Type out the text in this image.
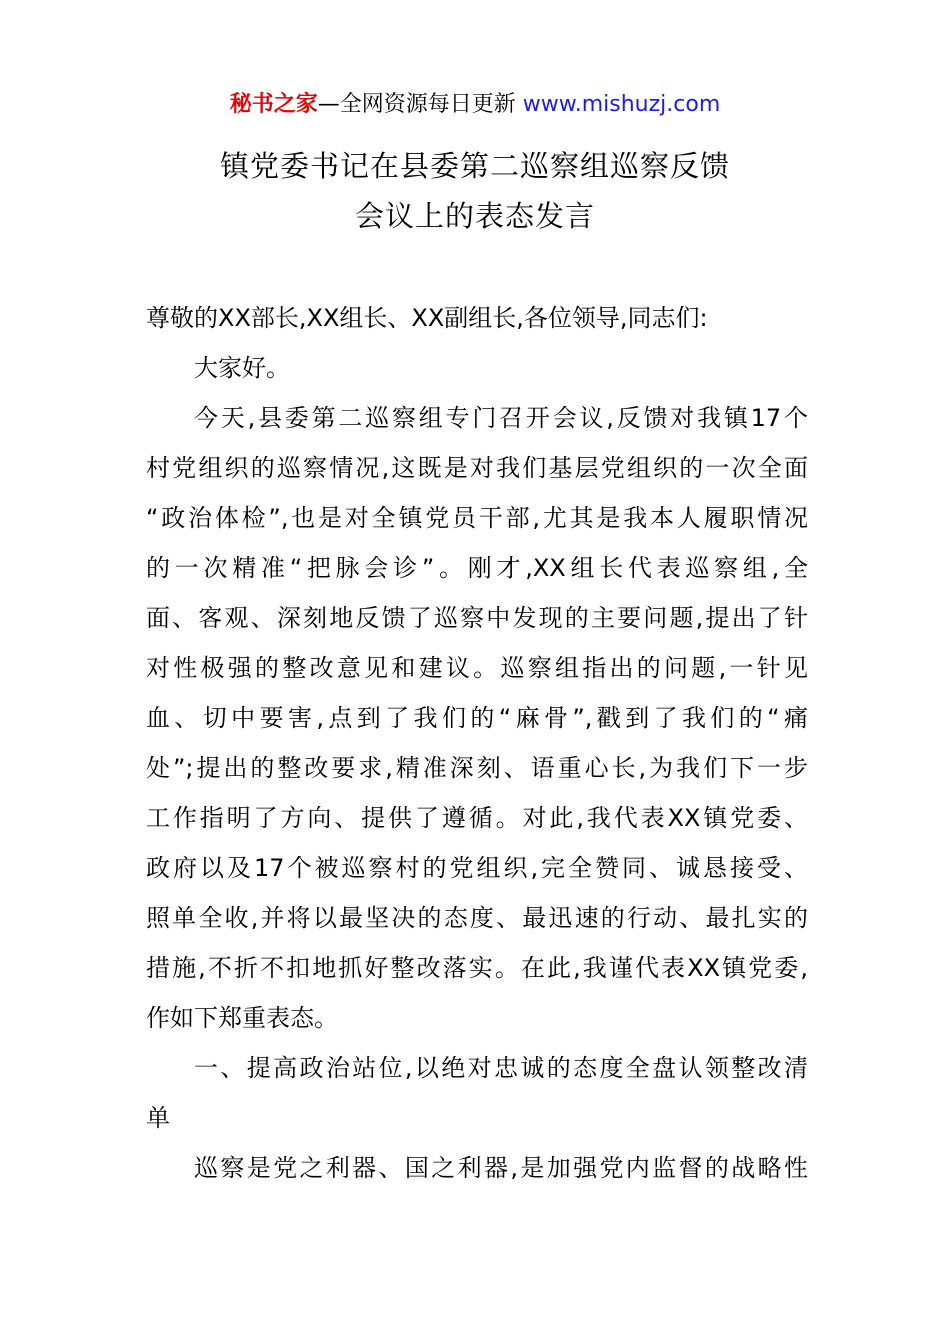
秘书之家—全网资源每日更新 www.mishuzj.com
镇党委书记在县委第二巡察组巡察反馈
会议上的表态发言
尊敬的XX部长,XX组长、XX副组长,各位领导,同志们:
大家好。
今天,县委第二巡察组专门召开会议,反馈对我镇17个
村党组织的巡察情况,这既是对我们基层党组织的一次全面
“政治体检”,也是对全镇党员干部,尤其是我本人履职情况
的一次精准“把脉会诊”。刚才,XX组长代表巡察组,全
面、客观、深刻地反馈了巡察中发现的主要问题,提出了针
对性极强的整改意见和建议。巡察组指出的问题,一针见
血、切中要害,点到了我们的“麻骨”,戳到了我们的“痛
处”;提出的整改要求,精准深刻、语重心长,为我们下一步
工作指明了方向、提供了遵循。对此,我代表XX镇党委、
政府以及17个被巡察村的党组织,完全赞同、诚恳接受、
照单全收,并将以最坚决的态度、最迅速的行动、最扎实的
措施,不折不扣地抓好整改落实。在此,我谨代表XX镇党委,
作如下郑重表态。
一、提高政治站位,以绝对忠诚的态度全盘认领整改清
单
巡察是党之利器、国之利器,是加强党内监督的战略性
